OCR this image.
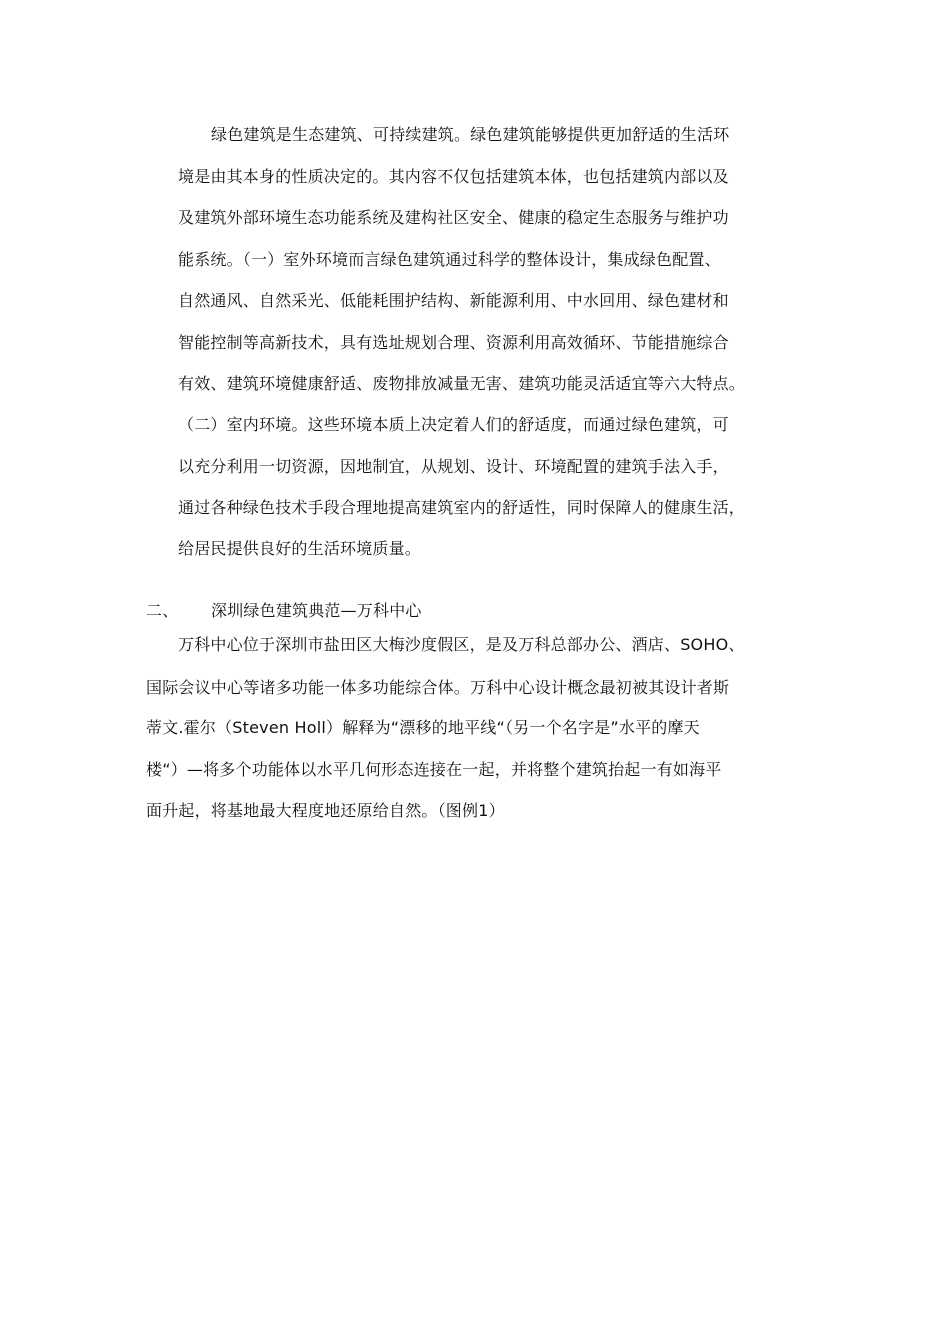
绿色建筑是生态建筑、可持续建筑。绿色建筑能够提供更加舒适的生活环
境是由其本身的性质决定的。其内容不仅包括建筑本体，也包括建筑内部以及
及建筑外部环境生态功能系统及建构社区安全、健康的稳定生态服务与维护功
能系统。（一）室外环境而言绿色建筑通过科学的整体设计，集成绿色配置、
自然通风、自然采光、低能耗围护结构、新能源利用、中水回用、绿色建材和
智能控制等高新技术，具有选址规划合理、资源利用高效循环、节能措施综合
有效、建筑环境健康舒适、废物排放减量无害、建筑功能灵活适宜等六大特点。
（二）室内环境。这些环境本质上决定着人们的舒适度，而通过绿色建筑，可
以充分利用一切资源，因地制宜，从规划、设计、环境配置的建筑手法入手，
通过各种绿色技术手段合理地提高建筑室内的舒适性，同时保障人的健康生活，
给居民提供良好的生活环境质量。
二、 深圳绿色建筑典范—万科中心
万科中心位于深圳市盐田区大梅沙度假区，是及万科总部办公、酒店、SOHO、
国际会议中心等诸多功能一体多功能综合体。万科中心设计概念最初被其设计者斯
蒂文.霍尔（Steven Holl）解释为“漂移的地平线“（另一个名字是”水平的摩天
楼“）—将多个功能体以水平几何形态连接在一起，并将整个建筑抬起一有如海平
面升起，将基地最大程度地还原给自然。（图例1）
